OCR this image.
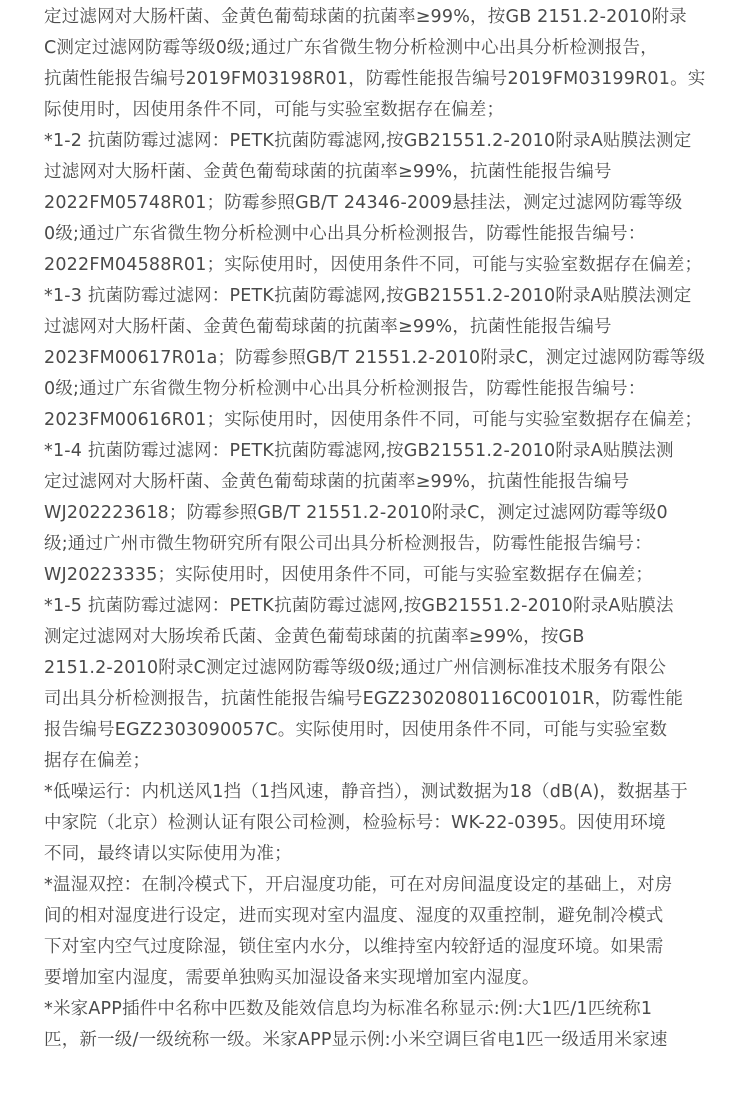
定过滤网对大肠杆菌、金黄色葡萄球菌的抗菌率≥99%，按GB 2151.2-2010附录
C测定过滤网防霉等级0级;通过广东省微生物分析检测中心出具分析检测报告，
抗菌性能报告编号2019FM03198R01，防霉性能报告编号2019FM03199R01。实
际使用时，因使用条件不同，可能与实验室数据存在偏差；
*1-2 抗菌防霉过滤网：PETK抗菌防霉滤网,按GB21551.2-2010附录A贴膜法测定
过滤网对大肠杆菌、金黄色葡萄球菌的抗菌率≥99%，抗菌性能报告编号
2022FM05748R01；防霉参照GB/T 24346-2009悬挂法，测定过滤网防霉等级
0级;通过广东省微生物分析检测中心出具分析检测报告，防霉性能报告编号：
2022FM04588R01；实际使用时，因使用条件不同，可能与实验室数据存在偏差；
*1-3 抗菌防霉过滤网：PETK抗菌防霉滤网,按GB21551.2-2010附录A贴膜法测定
过滤网对大肠杆菌、金黄色葡萄球菌的抗菌率≥99%，抗菌性能报告编号
2023FM00617R01a；防霉参照GB/T 21551.2-2010附录C，测定过滤网防霉等级
0级;通过广东省微生物分析检测中心出具分析检测报告，防霉性能报告编号：
2023FM00616R01；实际使用时，因使用条件不同，可能与实验室数据存在偏差；
*1-4 抗菌防霉过滤网：PETK抗菌防霉滤网,按GB21551.2-2010附录A贴膜法测
定过滤网对大肠杆菌、金黄色葡萄球菌的抗菌率≥99%，抗菌性能报告编号
WJ202223618；防霉参照GB/T 21551.2-2010附录C，测定过滤网防霉等级0
级;通过广州市微生物研究所有限公司出具分析检测报告，防霉性能报告编号：
WJ20223335；实际使用时，因使用条件不同，可能与实验室数据存在偏差；
*1-5 抗菌防霉过滤网：PETK抗菌防霉过滤网,按GB21551.2-2010附录A贴膜法
测定过滤网对大肠埃希氏菌、金黄色葡萄球菌的抗菌率≥99%，按GB
2151.2-2010附录C测定过滤网防霉等级0级;通过广州信测标准技术服务有限公
司出具分析检测报告，抗菌性能报告编号EGZ2302080116C00101R，防霉性能
报告编号EGZ2303090057C。实际使用时，因使用条件不同，可能与实验室数
据存在偏差；
*低噪运行：内机送风1挡（1挡风速，静音挡），测试数据为18（dB(A)，数据基于
中家院（北京）检测认证有限公司检测，检验标号：WK-22-0395。因使用环境
不同，最终请以实际使用为准；
*温湿双控：在制冷模式下，开启湿度功能，可在对房间温度设定的基础上，对房
间的相对湿度进行设定，进而实现对室内温度、湿度的双重控制，避免制冷模式
下对室内空气过度除湿，锁住室内水分，以维持室内较舒适的湿度环境。如果需
要增加室内湿度，需要单独购买加湿设备来实现增加室内湿度。
*米家APP插件中名称中匹数及能效信息均为标准名称显示:例:大1匹/1匹统称1
匹，新一级/一级统称一级。米家APP显示例:小米空调巨省电1匹一级适用米家速
